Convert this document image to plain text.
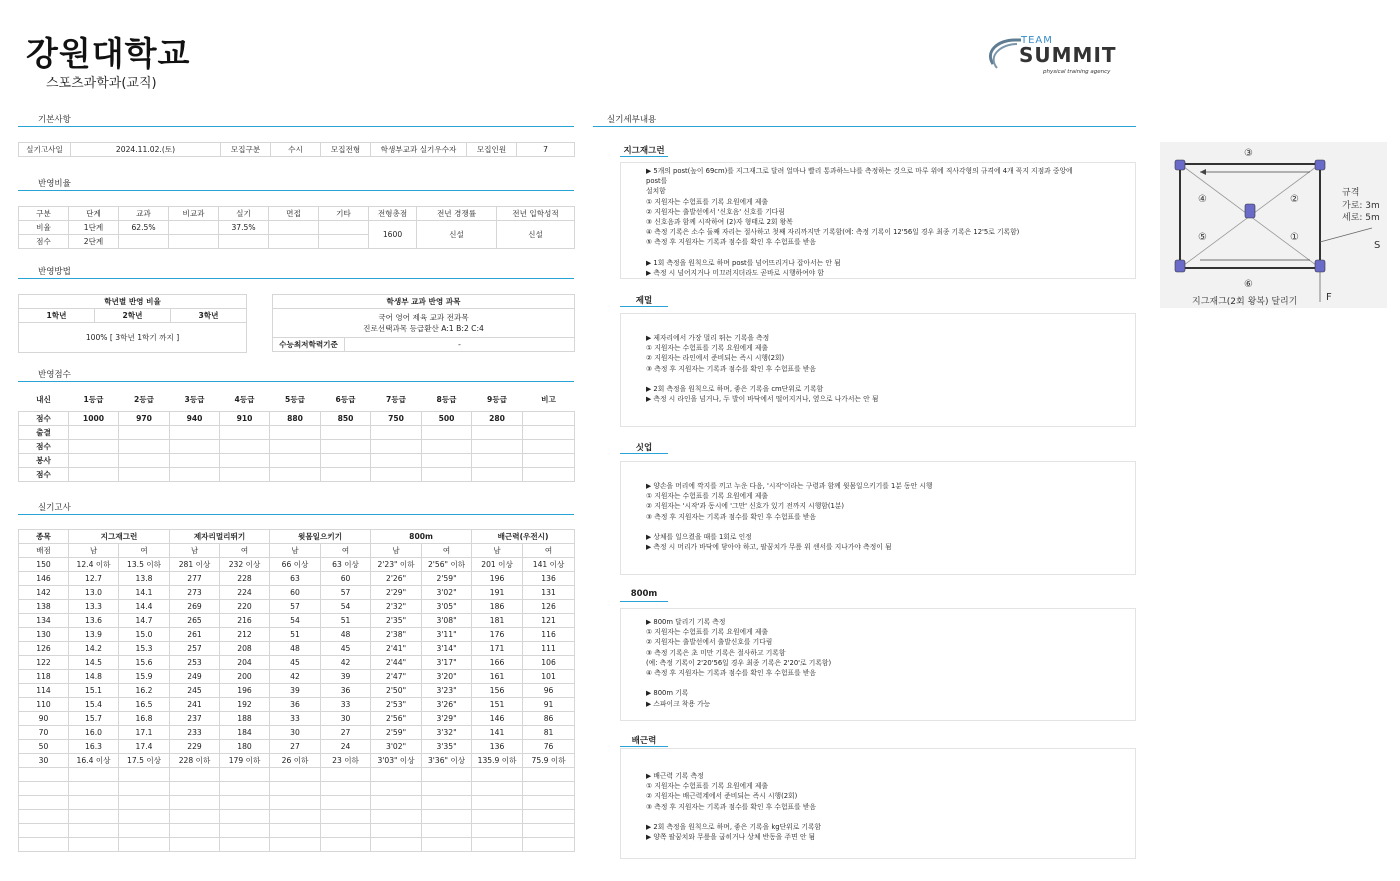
강원대학교
스포츠과학과(교직)
TEAM
SUMMIT
physical training agency
기본사항
반영비율
반영방법
반영점수
실기고사
실기세부내용
실기고사일	2024.11.02.(토)	모집구분	수시	모집전형	학생부교과 실기우수자	모집인원	7
구분	단계	교과	비교과	실기	면접	기타	전형총점	전년 경쟁률	전년 입학성적
비율	1단계	62.5%		37.5%			1600	신설	신설
점수	2단계								
학년별 반영 비율
1학년	2학년	3학년
100% [ 3학년 1학기 까지 ]
학생부 교과 반영 과목

국어 영어 제육 교과 전과목
진로선택과목 등급환산 A:1 B:2 C:4

수능최저학력기준	-
내신	1등급	2등급	3등급	4등급	5등급	6등급	7등급	8등급	9등급	비고
점수	1000	970	940	910	880	850	750	500	280	
출결										
점수										
봉사										
점수										
종목	지그재그런		제자리멀리뛰기		윗몸일으키기		800m		배근력(우전시)	
배점	남	여	남	여	남	여	남	여	남	여
150	12.4 이하	13.5 이하	281 이상	232 이상	66 이상	63 이상	2'23" 이하	2'56" 이하	201 이상	141 이상
146	12.7	13.8	277	228	63	60	2'26"	2'59"	196	136
142	13.0	14.1	273	224	60	57	2'29"	3'02"	191	131
138	13.3	14.4	269	220	57	54	2'32"	3'05"	186	126
134	13.6	14.7	265	216	54	51	2'35"	3'08"	181	121
130	13.9	15.0	261	212	51	48	2'38"	3'11"	176	116
126	14.2	15.3	257	208	48	45	2'41"	3'14"	171	111
122	14.5	15.6	253	204	45	42	2'44"	3'17"	166	106
118	14.8	15.9	249	200	42	39	2'47"	3'20"	161	101
114	15.1	16.2	245	196	39	36	2'50"	3'23"	156	96
110	15.4	16.5	241	192	36	33	2'53"	3'26"	151	91
90	15.7	16.8	237	188	33	30	2'56"	3'29"	146	86
70	16.0	17.1	233	184	30	27	2'59"	3'32"	141	81
50	16.3	17.4	229	180	27	24	3'02"	3'35"	136	76
30	16.4 이상	17.5 이상	228 이하	179 이하	26 이하	23 이하	3'03" 이상	3'36" 이상	135.9 이하	75.9 이하

지그재그런
▶ 5개의 post(높이 69cm)를 지그재그로 달려 얼마나 빨리 통과하느냐를 측정하는 것으로 마루 위에 직사각형의 규격에 4개 꼭지 지점과 중앙에
post를
설치함
① 지원자는 수험표를 기록 요원에게 제출
② 지원자는 출발선에서 '신호음' 신호를 기다림
③ 신호음과 함께 시작하여 (2)자 형태로 2회 왕복
④ 측정 기록은 소수 둘째 자리는 절사하고 첫째 자리까지만 기록함(예: 측정 기록이 12'56일 경우 최종 기록은 12'5로 기록함)
⑤ 측정 후 지원자는 기록과 점수를 확인 후 수험표를 받음
▶ 1회 측정을 원칙으로 하며 post를 넘어뜨리거나 잡아서는 안 됨
▶ 측정 시 넘어지거나 미끄러지더라도 곧바로 시행하여야 함
제멀
▶ 제자리에서 가장 멀리 뛰는 기록을 측정
① 지원자는 수험표를 기록 요원에게 제출
② 지원자는 라인에서 준비되는 즉시 시행(2회)
③ 측정 후 지원자는 기록과 점수를 확인 후 수험표를 받음
▶ 2회 측정을 원칙으로 하며, 좋은 기록을 cm단위로 기록함
▶ 측정 시 라인을 넘거나, 두 발이 바닥에서 떨어지거나, 옆으로 나가서는 안 됨
싯업
▶ 양손을 머리에 깍지를 끼고 누운 다음, '시작'이라는 구령과 함께 윗몸일으키기를 1분 동안 시행
① 지원자는 수험표를 기록 요원에게 제출
② 지원자는 '시작'과 동시에 '그만' 신호가 있기 전까지 시행함(1분)
③ 측정 후 지원자는 기록과 점수를 확인 후 수험표를 받음
▶ 상체를 일으켰을 때를 1회로 인정
▶ 측정 시 머리가 바닥에 닿아야 하고, 팔꿈치가 무릎 위 센서를 지나가야 측정이 됨
800m
▶ 800m 달리기 기록 측정
① 지원자는 수험표를 기록 요원에게 제출
② 지원자는 출발선에서 출발신호를 기다림
③ 측정 기록은 초 미만 기록은 절사하고 기록함
(예: 측정 기록이 2'20'56일 경우 최종 기록은 2'20'로 기록함)
④ 측정 후 지원자는 기록과 점수를 확인 후 수험표를 받음
▶ 800m 기록
▶ 스파이크 착용 가능
배근력
▶ 배근력 기록 측정
① 지원자는 수험표를 기록 요원에게 제출
② 지원자는 배근력계에서 준비되는 즉시 시행(2회)
③ 측정 후 지원자는 기록과 점수를 확인 후 수험표를 받음
▶ 2회 측정을 원칙으로 하며, 좋은 기록을 kg단위로 기록함
▶ 양쪽 팔꿈치와 무릎을 굽히거나 상체 반동을 주면 안 됨
③
④	②
⑤	①
⑥
S
F
규격
가로: 3m
세로: 5m
지그재그(2회 왕복) 달리기
